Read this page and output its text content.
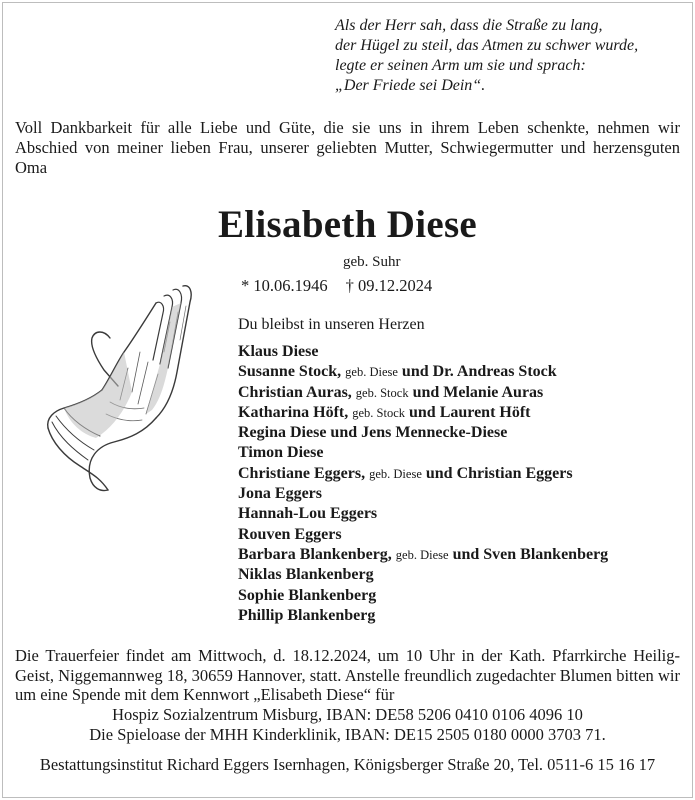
Als der Herr sah, dass die Straße zu lang,
der Hügel zu steil, das Atmen zu schwer wurde,
legte er seinen Arm um sie und sprach:
„Der Friede sei Dein“.
Voll Dankbarkeit für alle Liebe und Güte, die sie uns in ihrem Leben schenkte, nehmen wir Abschied von meiner lieben Frau, unserer geliebten Mutter, Schwiegermutter und herzensguten Oma
Elisabeth Diese
geb. Suhr
* 10.06.1946 † 09.12.2024
Du bleibst in unseren Herzen
Klaus Diese
Susanne Stock, geb. Diese und Dr. Andreas Stock
Christian Auras, geb. Stock und Melanie Auras
Katharina Höft, geb. Stock und Laurent Höft
Regina Diese und Jens Mennecke-Diese
Timon Diese
Christiane Eggers, geb. Diese und Christian Eggers
Jona Eggers
Hannah-Lou Eggers
Rouven Eggers
Barbara Blankenberg, geb. Diese und Sven Blankenberg
Niklas Blankenberg
Sophie Blankenberg
Phillip Blankenberg
Die Trauerfeier findet am Mittwoch, d. 18.12.2024, um 10 Uhr in der Kath. Pfarrkirche Heilig-Geist, Niggemannweg 18, 30659 Hannover, statt. Anstelle freundlich zugedachter Blumen bitten wir um eine Spende mit dem Kennwort „Elisabeth Diese“ für
Hospiz Sozialzentrum Misburg, IBAN: DE58 5206 0410 0106 4096 10
Die Spieloase der MHH Kinderklinik, IBAN: DE15 2505 0180 0000 3703 71.
Bestattungsinstitut Richard Eggers Isernhagen, Königsberger Straße 20, Tel. 0511-6 15 16 17
